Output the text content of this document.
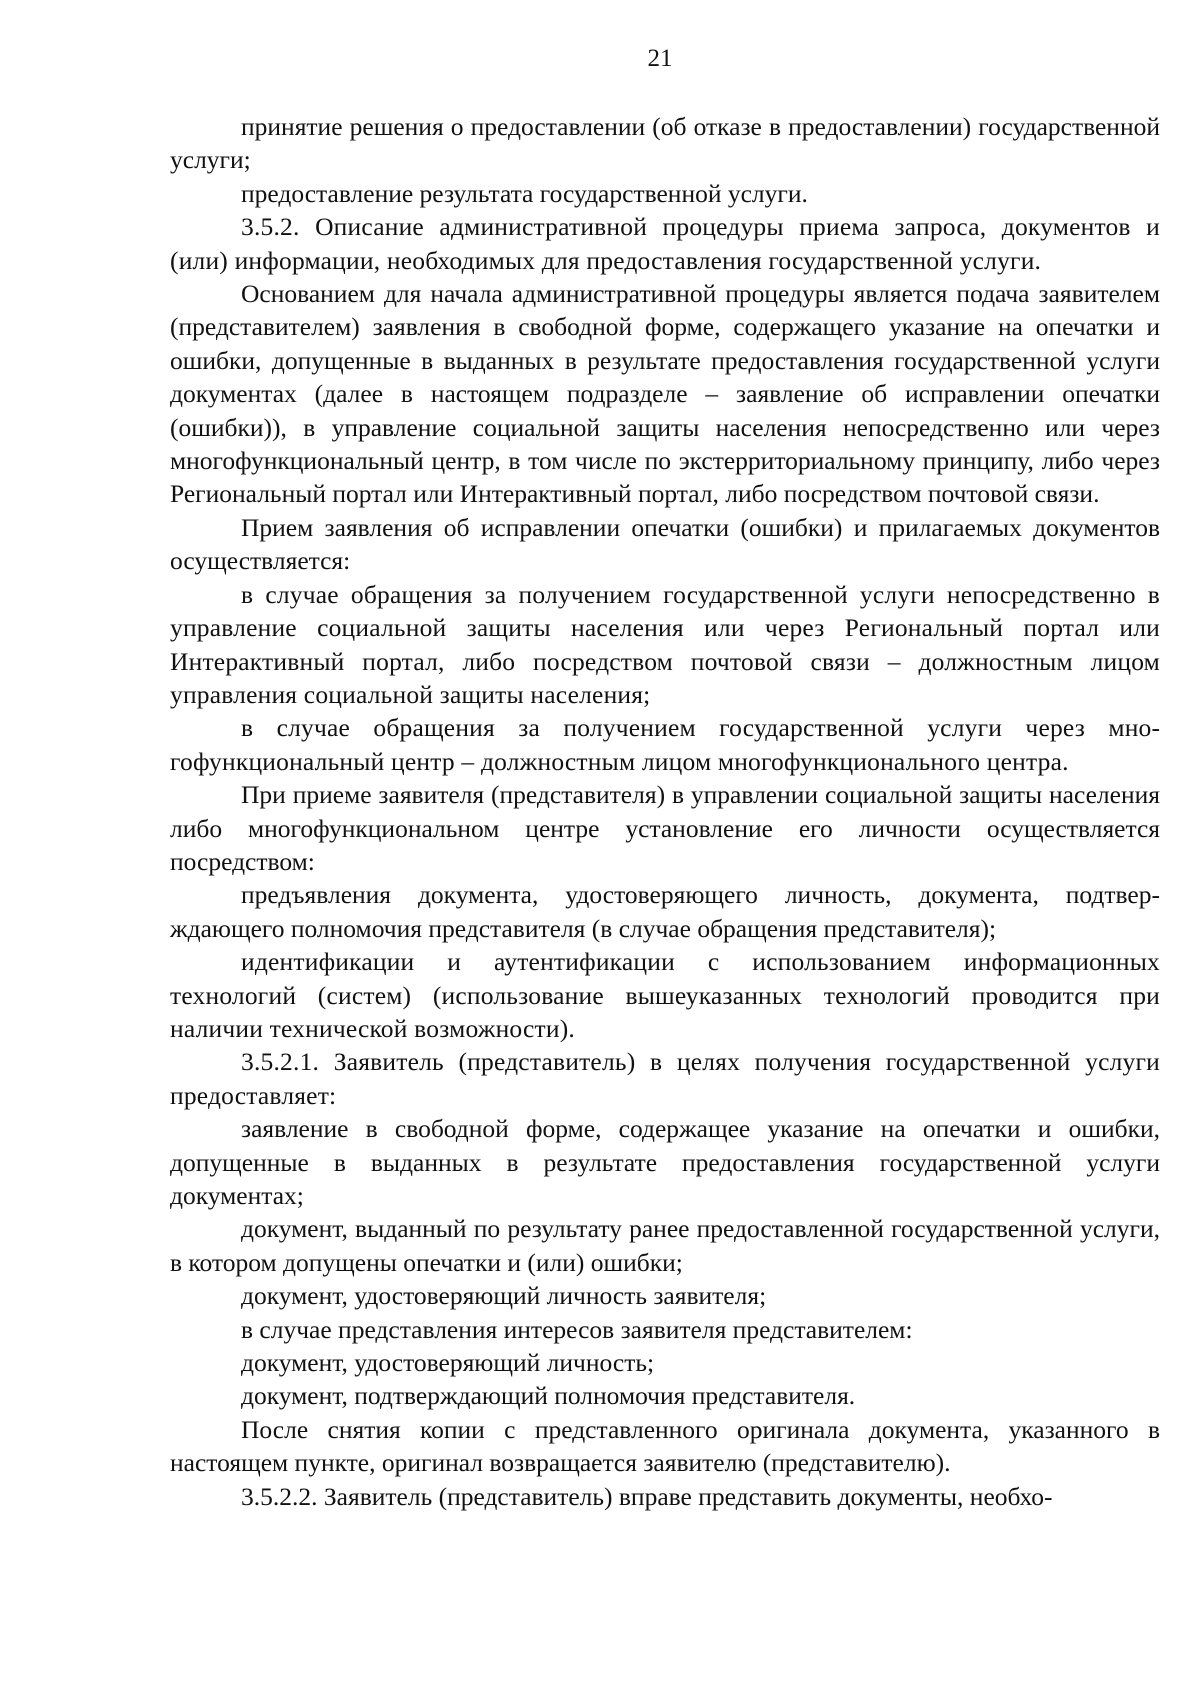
21

принятие решения о предоставлении (об отказе в предоставлении) государственной услуги;

предоставление результата государственной услуги.

3.5.2. Описание административной процедуры приема запроса, документов и (или) информации, необходимых для предоставления государственной услуги.

Основанием для начала административной процедуры является подача заявителем (представителем) заявления в свободной форме, содержащего указание на опечатки и ошибки, допущенные в выданных в результате предоставления государственной услуги документах (далее в настоящем подразделе – заявление об исправлении опечатки (ошибки)), в управление социальной защиты населения непосредственно или через многофункциональный центр, в том числе по экстерриториальному принципу, либо через Региональный портал или Интерактивный портал, либо посредством почтовой связи.

Прием заявления об исправлении опечатки (ошибки) и прилагаемых документов осуществляется:

в случае обращения за получением государственной услуги непосредственно в управление социальной защиты населения или через Региональный портал или Интерактивный портал, либо посредством почтовой связи – должностным лицом управления социальной защиты населения;

в случае обращения за получением государственной услуги через многофункциональный центр – должностным лицом многофункционального центра.

При приеме заявителя (представителя) в управлении социальной защиты населения либо многофункциональном центре установление его личности осуществляется посредством:

предъявления документа, удостоверяющего личность, документа, подтверждающего полномочия представителя (в случае обращения представителя);

идентификации и аутентификации с использованием информационных технологий (систем) (использование вышеуказанных технологий проводится при наличии технической возможности).

3.5.2.1. Заявитель (представитель) в целях получения государственной услуги предоставляет:

заявление в свободной форме, содержащее указание на опечатки и ошибки, допущенные в выданных в результате предоставления государственной услуги документах;

документ, выданный по результату ранее предоставленной государственной услуги, в котором допущены опечатки и (или) ошибки;

документ, удостоверяющий личность заявителя;

в случае представления интересов заявителя представителем:

документ, удостоверяющий личность;

документ, подтверждающий полномочия представителя.

После снятия копии с представленного оригинала документа, указанного в настоящем пункте, оригинал возвращается заявителю (представителю).

3.5.2.2. Заявитель (представитель) вправе представить документы, необхо-
